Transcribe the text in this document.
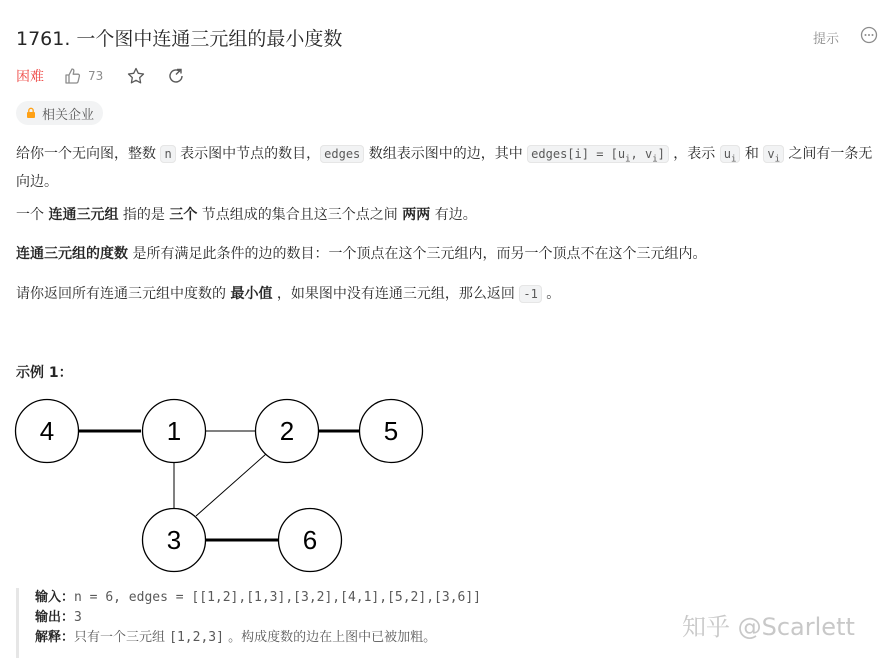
1761. 一个图中连通三元组的最小度数	提示
困难	73
相关企业
给你一个无向图，整数 n 表示图中节点的数目， edges 数组表示图中的边，其中 edges[i] = [$u_i$, $v_i$] ，表示 $u_i$ 和 $v_i$ 之间有一条无向边。
一个 连通三元组 指的是 三个 节点组成的集合且这三个点之间 两两 有边。
连通三元组的度数 是所有满足此条件的边的数目：一个顶点在这个三元组内，而另一个顶点不在这个三元组内。
请你返回所有连通三元组中度数的 最小值 ，如果图中没有连通三元组，那么返回 -1 。
示例 1：
4	1	2	5
3	6
输入：n = 6, edges = [[1,2],[1,3],[3,2],[4,1],[5,2],[3,6]]
输出：3
解释：只有一个三元组 [1,2,3] 。构成度数的边在上图中已被加粗。	知乎 @Scarlett
